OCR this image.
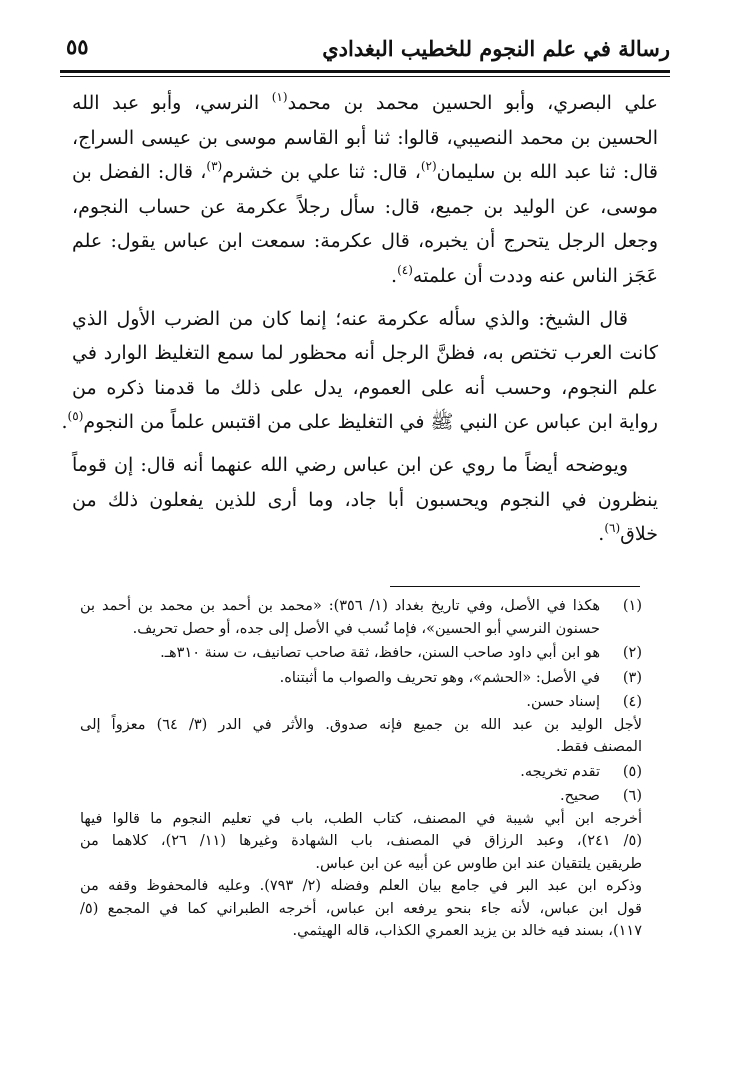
رسالة في علم النجوم للخطيب البغدادي
٥٥

علي البصري، وأبو الحسين محمد بن محمد$^{(١)}$ النرسي، وأبو عبد الله
الحسين بن محمد النصيبي، قالوا: ثنا أبو القاسم موسى بن عيسى السراج،
قال: ثنا عبد الله بن سليمان$^{(٢)}$، قال: ثنا علي بن خشرم$^{(٣)}$، قال: الفضل بن
موسى، عن الوليد بن جميع، قال: سأل رجلاً عكرمة عن حساب النجوم،
وجعل الرجل يتحرج أن يخبره، قال عكرمة: سمعت ابن عباس يقول: علم
عَجَز الناس عنه وددت أن علمته$^{(٤)}$.

قال الشيخ: والذي سأله عكرمة عنه؛ إنما كان من الضرب الأول الذي
كانت العرب تختص به، فظنَّ الرجل أنه محظور لما سمع التغليظ الوارد في
علم النجوم، وحسب أنه على العموم، يدل على ذلك ما قدمنا ذكره من
رواية ابن عباس عن النبي ﷺ في التغليظ على من اقتبس علماً من النجوم$^{(٥)}$.

ويوضحه أيضاً ما روي عن ابن عباس رضي الله عنهما أنه قال: إن قوماً
ينظرون في النجوم ويحسبون أبا جاد، وما أرى للذين يفعلون ذلك من
خلاق$^{(٦)}$.

(١)
هكذا في الأصل، وفي تاريخ بغداد (١/ ٣٥٦): «محمد بن أحمد بن محمد بن أحمد بن
حسنون النرسي أبو الحسين»، فإما نُسب في الأصل إلى جده، أو حصل تحريف.
(٢)
هو ابن أبي داود صاحب السنن، حافظ، ثقة صاحب تصانيف، ت سنة ٣١٠هـ.
(٣)
في الأصل: «الحشم»، وهو تحريف والصواب ما أثبتناه.
(٤)
إسناد حسن.
لأجل الوليد بن عبد الله بن جميع فإنه صدوق. والأثر في الدر (٣/ ٦٤) معزواً إلى
المصنف فقط.
(٥)
تقدم تخريجه.
(٦)
صحيح.
أخرجه ابن أبي شيبة في المصنف، كتاب الطب، باب في تعليم النجوم ما قالوا فيها
(٥/ ٢٤١)، وعبد الرزاق في المصنف، باب الشهادة وغيرها (١١/ ٢٦)، كلاهما من
طريقين يلتقيان عند ابن طاوس عن أبيه عن ابن عباس.
وذكره ابن عبد البر في جامع بيان العلم وفضله (٢/ ٧٩٣). وعليه فالمحفوظ وقفه من
قول ابن عباس، لأنه جاء بنحو يرفعه ابن عباس، أخرجه الطبراني كما في المجمع (٥/
١١٧)، بسند فيه خالد بن يزيد العمري الكذاب، قاله الهيثمي.
